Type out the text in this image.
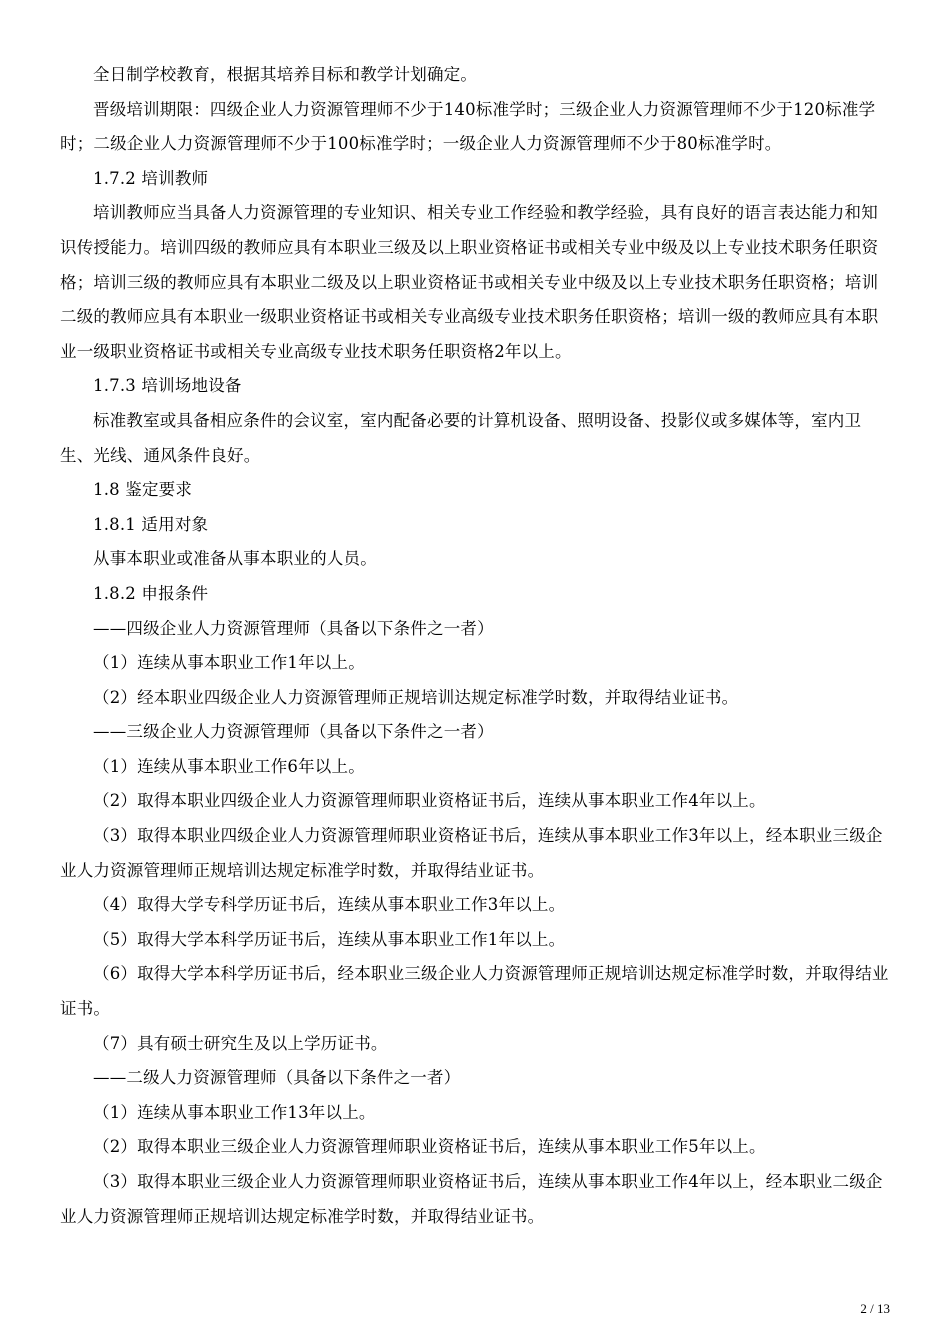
全日制学校教育，根据其培养目标和教学计划确定。

晋级培训期限：四级企业人力资源管理师不少于140标准学时；三级企业人力资源管理师不少于120标准学时；二级企业人力资源管理师不少于100标准学时；一级企业人力资源管理师不少于80标准学时。

1.7.2 培训教师

培训教师应当具备人力资源管理的专业知识、相关专业工作经验和教学经验，具有良好的语言表达能力和知识传授能力。培训四级的教师应具有本职业三级及以上职业资格证书或相关专业中级及以上专业技术职务任职资格；培训三级的教师应具有本职业二级及以上职业资格证书或相关专业中级及以上专业技术职务任职资格；培训二级的教师应具有本职业一级职业资格证书或相关专业高级专业技术职务任职资格；培训一级的教师应具有本职业一级职业资格证书或相关专业高级专业技术职务任职资格2年以上。

1.7.3 培训场地设备

标准教室或具备相应条件的会议室，室内配备必要的计算机设备、照明设备、投影仪或多媒体等，室内卫生、光线、通风条件良好。

1.8 鉴定要求

1.8.1 适用对象

从事本职业或准备从事本职业的人员。

1.8.2 申报条件

——四级企业人力资源管理师（具备以下条件之一者）

（1）连续从事本职业工作1年以上。

（2）经本职业四级企业人力资源管理师正规培训达规定标准学时数，并取得结业证书。

——三级企业人力资源管理师（具备以下条件之一者）

（1）连续从事本职业工作6年以上。

（2）取得本职业四级企业人力资源管理师职业资格证书后，连续从事本职业工作4年以上。

（3）取得本职业四级企业人力资源管理师职业资格证书后，连续从事本职业工作3年以上，经本职业三级企业人力资源管理师正规培训达规定标准学时数，并取得结业证书。

（4）取得大学专科学历证书后，连续从事本职业工作3年以上。

（5）取得大学本科学历证书后，连续从事本职业工作1年以上。

（6）取得大学本科学历证书后，经本职业三级企业人力资源管理师正规培训达规定标准学时数，并取得结业证书。

（7）具有硕士研究生及以上学历证书。

——二级人力资源管理师（具备以下条件之一者）

（1）连续从事本职业工作13年以上。

（2）取得本职业三级企业人力资源管理师职业资格证书后，连续从事本职业工作5年以上。

（3）取得本职业三级企业人力资源管理师职业资格证书后，连续从事本职业工作4年以上，经本职业二级企业人力资源管理师正规培训达规定标准学时数，并取得结业证书。

2 / 13
